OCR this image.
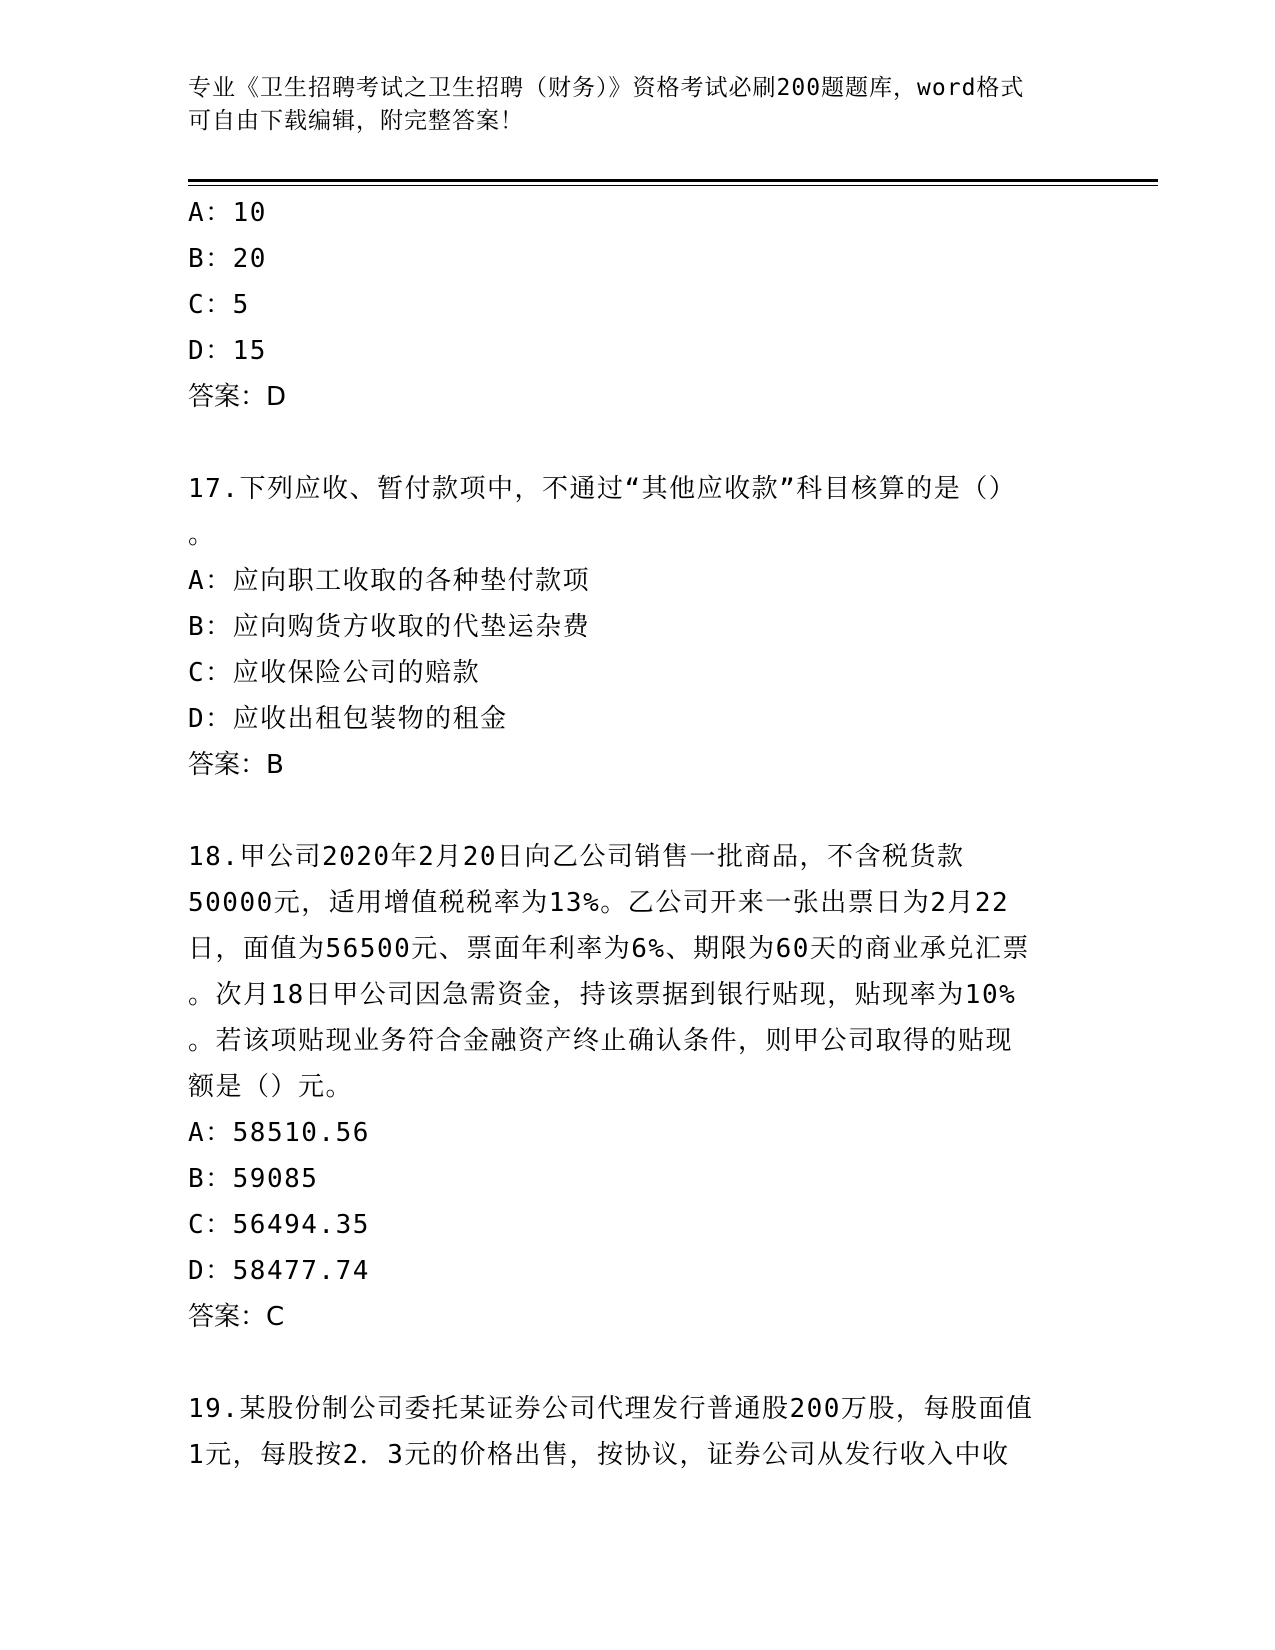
专业《卫生招聘考试之卫生招聘（财务）》资格考试必刷200题题库，word格式
可自由下载编辑，附完整答案！
A：10
B：20
C：5
D：15
答案：D
17.下列应收、暂付款项中，不通过“其他应收款”科目核算的是（）
。
A：应向职工收取的各种垫付款项
B：应向购货方收取的代垫运杂费
C：应收保险公司的赔款
D：应收出租包装物的租金
答案：B
18.甲公司2020年2月20日向乙公司销售一批商品，不含税货款
50000元，适用增值税税率为13%。乙公司开来一张出票日为2月22
日，面值为56500元、票面年利率为6%、期限为60天的商业承兑汇票
。次月18日甲公司因急需资金，持该票据到银行贴现，贴现率为10%
。若该项贴现业务符合金融资产终止确认条件，则甲公司取得的贴现
额是（）元。
A：58510.56
B：59085
C：56494.35
D：58477.74
答案：C
19.某股份制公司委托某证券公司代理发行普通股200万股，每股面值
1元，每股按2．3元的价格出售，按协议，证券公司从发行收入中收
